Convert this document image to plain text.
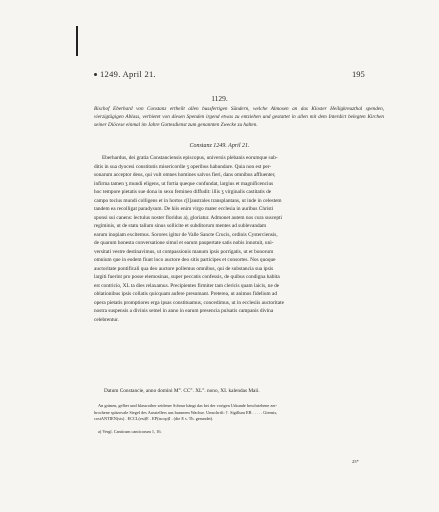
1249. April 21.	195
1129.
Bischof Eberhard von Constanz ertheilt allen bussfertigen Sündern, welche Almosen an das Kloster Heiligkreuzthal spenden, vierzigtägigen Ablass, verbietet von diesen Spenden irgend etwas zu entziehen und gestattet in allen mit dem Interdict belegten Kirchen seiner Diöcese einmal im Jahre Gottesdienst zum genannten Zwecke zu halten.
Constanz 1249. April 21.
Eberhardus, dei gratia Constanciensis episcopus, universis plebanis eorumque sub-
ditis in sua dyocesi constitutis misericordie ʒ operibus habundare. Quia non est per-
sonarum acceptor deus, qui vult omnes homines salvos fieri, dans omnibus affluenter,
infirma tamen ʒ mundi eligens, ut fortia queque confundat, largius et magnificencius
hoc tempore pietatis sue dona in sexu femineo diffudit: illis ʒ virginalis castitatis de
campo tocius mundi colligens et in hortos c[l]australes transplantans, ut inde in celestem
tandem ea recolligat paradysum. De hiis enim virgo mater ecclesia in auribus Christi
sponsi sui canens: lectulus noster floridus a), gloriatur. Admonet autem nos cura suscepti
regiminis, ut de statu talium sinus sollicite et subditorum mentes ad sublevandam
earum inopiam excitemus. Sorores igitur de Valle Sancte Crucis, ordinis Cysterciensis,
de quarum honesta conversatione simul et earum paupertate satis nobis innotuit, uni-
versitati vestre destinavimus, ut compassionis manum ipsis porrigatis, ut et bonorum
omnium que in eodem fiunt loco auctore deo sitis participes et consortes. Nos quoque
auctoritate pontificali qua deo auctore pollemus omnibus, qui de substancia sua ipsis
largiti fuerint pro posse elemosinas, super peccatis confessis, de quibus condigna habita
est contricio, XL ta dies relaxamus. Precipientes firmiter tam clericis quam laicis, ne de
oblationibus ipsis collatis quicquam aufere presumant. Preterea, ut animos fidelium ad
opera pietatis promptiores erga ipsas constituamus, concedimus, ut in ecclesiis auctoritate
nostra suspensis a divinis semel in anno in earum presencia pulsatis campanis divina
celebrentur.
Datum Constancie, anno domini M°. CC°. XL°. nono, XI. kalendas Maii.
An grünen, gelber und blassrother seidener Schnur hängt das bei der vorigen Urkunde beschriebene zer-
brochene spitzovale Siegel des Ausstellers aus braunem Wachse. Umschrift: †. Sigillum EB . . . . . Giensis,
costANTIEN(sis) . ECCL(esi)E . EP(iscop)I . (die E s. Th. gerundet).
a) Vergl. Canticum canticorum 1, 16.
25*
